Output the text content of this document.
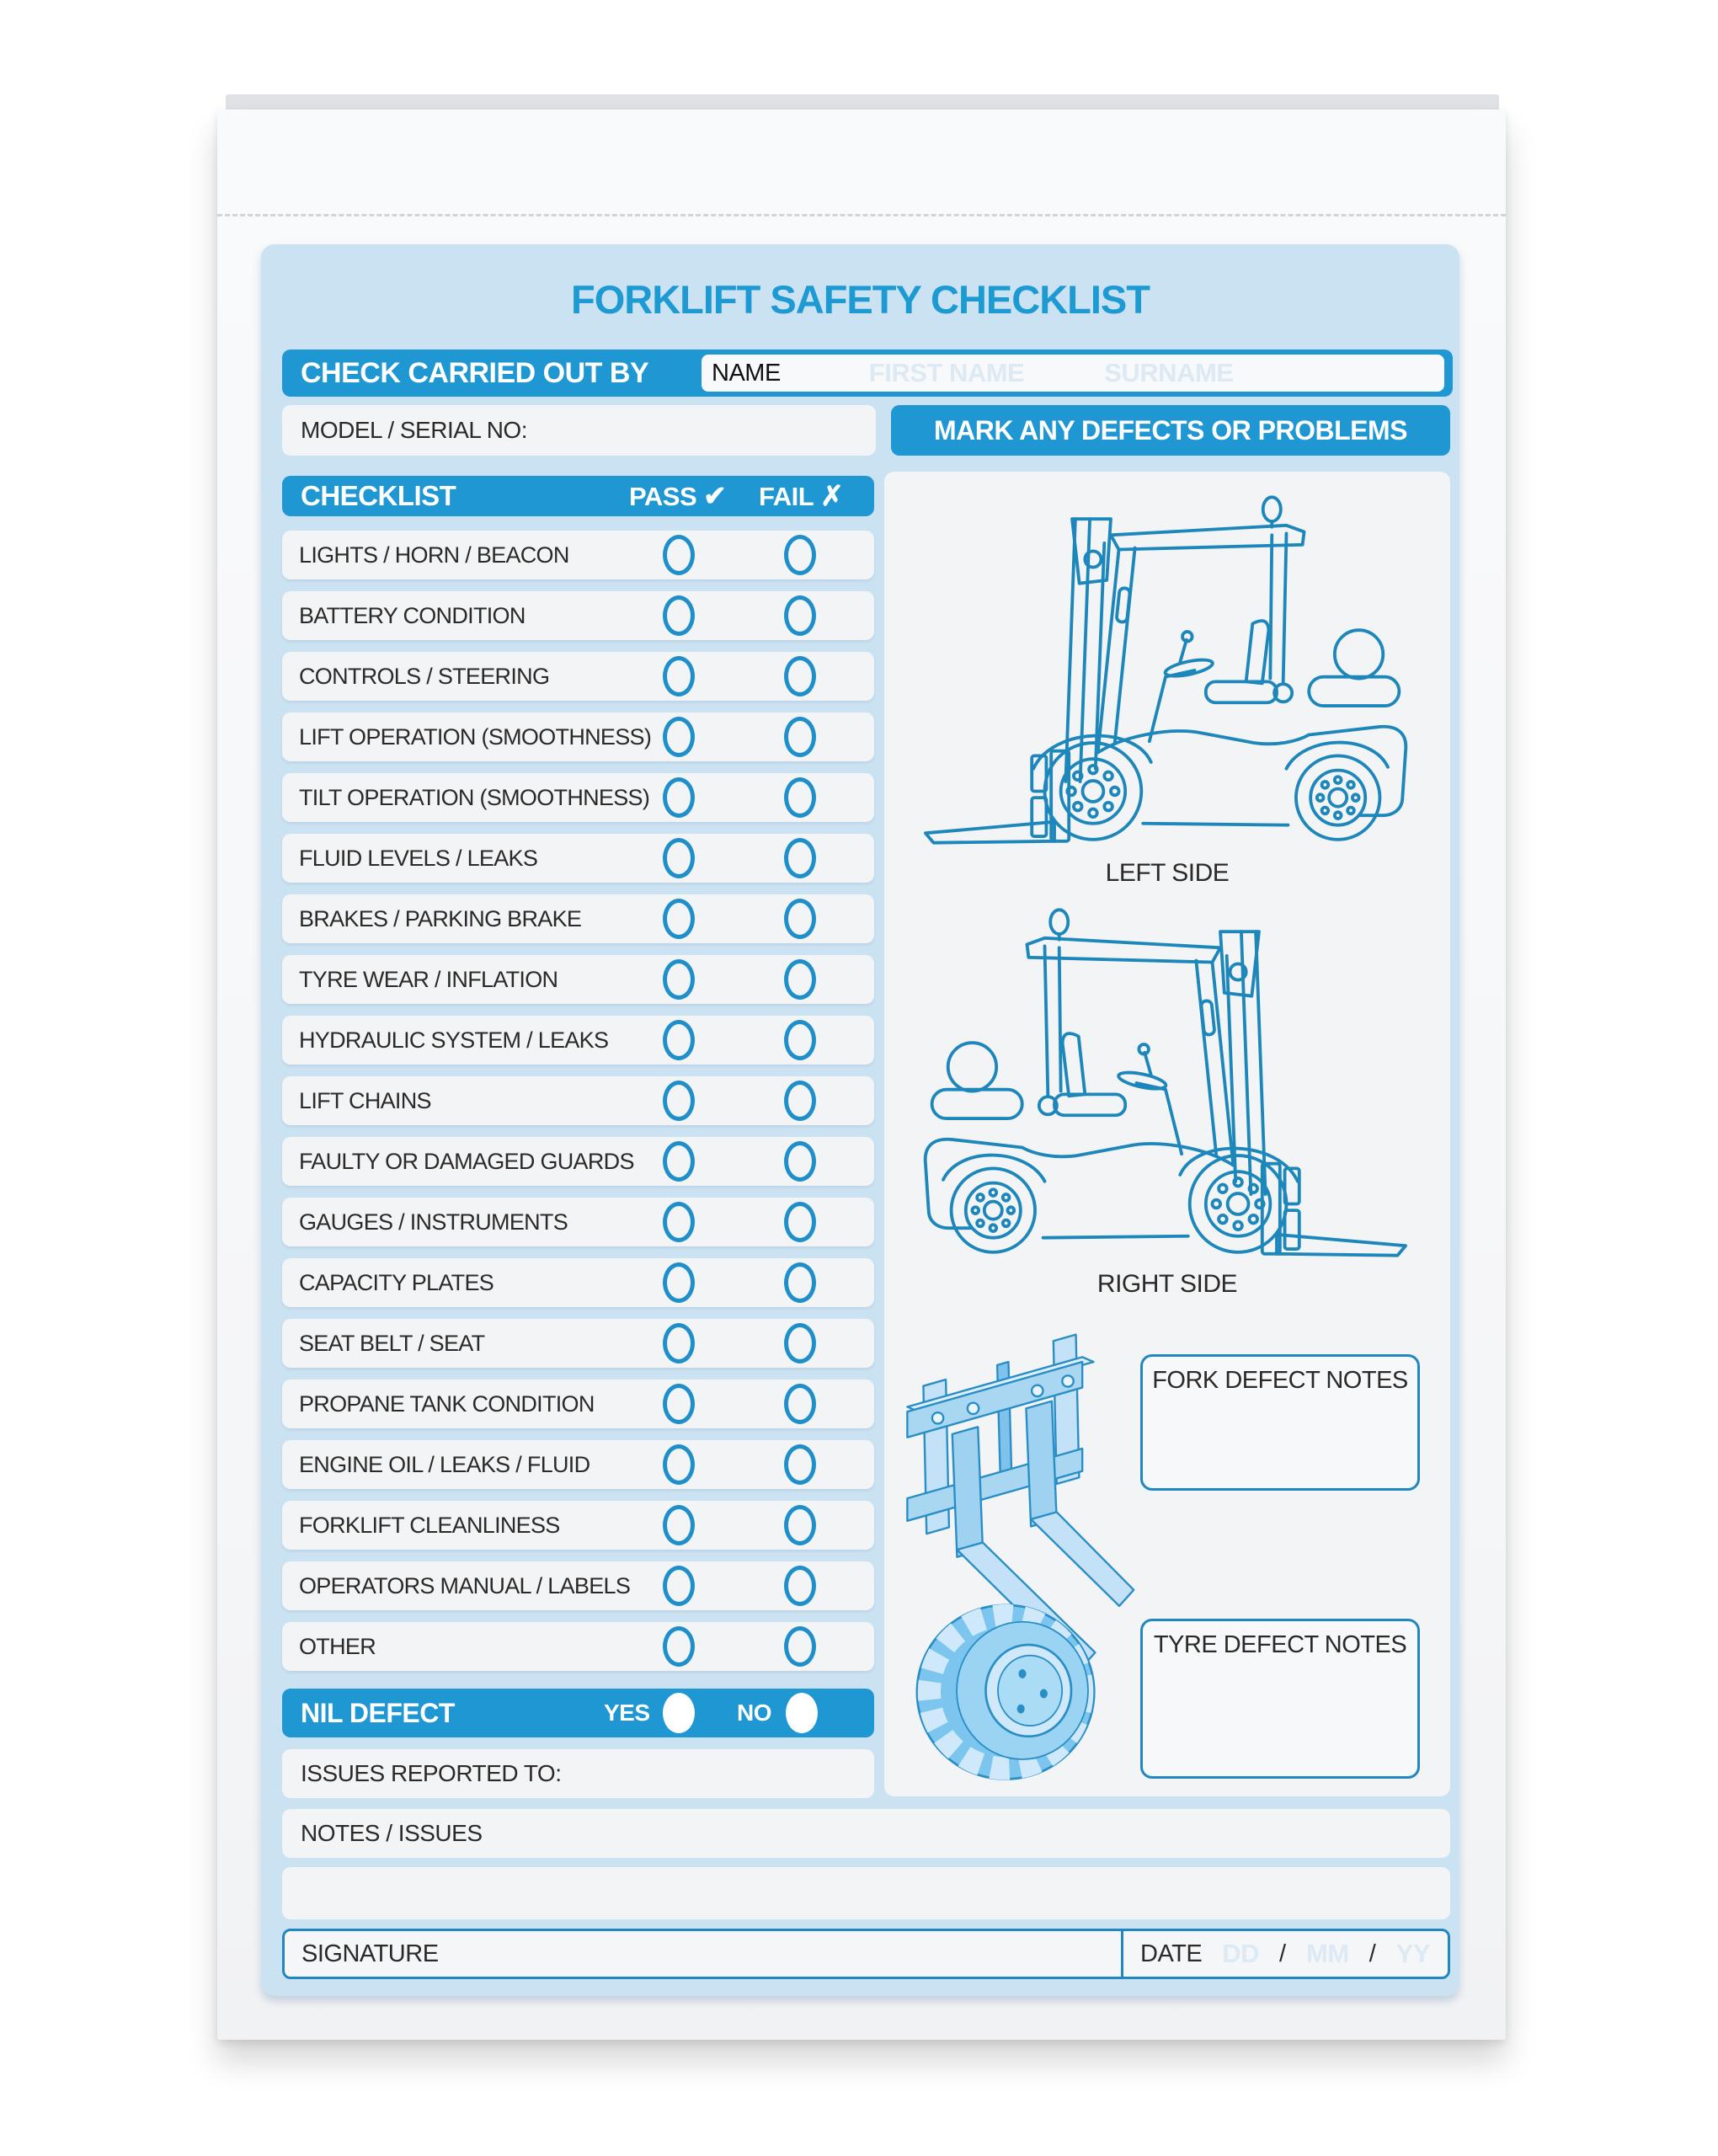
FORKLIFT SAFETY CHECKLIST
CHECK CARRIED OUT BY	NAME	FIRST NAME	SURNAME
MODEL / SERIAL NO:	MARK ANY DEFECTS OR PROBLEMS
CHECKLIST	PASS ✔ FAIL ✗
LIGHTS / HORN / BEACON
BATTERY CONDITION
CONTROLS / STEERING
LIFT OPERATION (SMOOTHNESS)
TILT OPERATION (SMOOTHNESS)
FLUID LEVELS / LEAKS
BRAKES / PARKING BRAKE
TYRE WEAR / INFLATION
HYDRAULIC SYSTEM / LEAKS
LIFT CHAINS
FAULTY OR DAMAGED GUARDS
GAUGES / INSTRUMENTS
CAPACITY PLATES
SEAT BELT / SEAT
PROPANE TANK CONDITION
ENGINE OIL / LEAKS / FLUID
FORKLIFT CLEANLINESS
OPERATORS MANUAL / LABELS
OTHER
NIL DEFECT	YES	NO
ISSUES REPORTED TO:
LEFT SIDE
RIGHT SIDE
FORK DEFECT NOTES
TYRE DEFECT NOTES
NOTES / ISSUES
SIGNATURE	DATE DD / MM / YY
